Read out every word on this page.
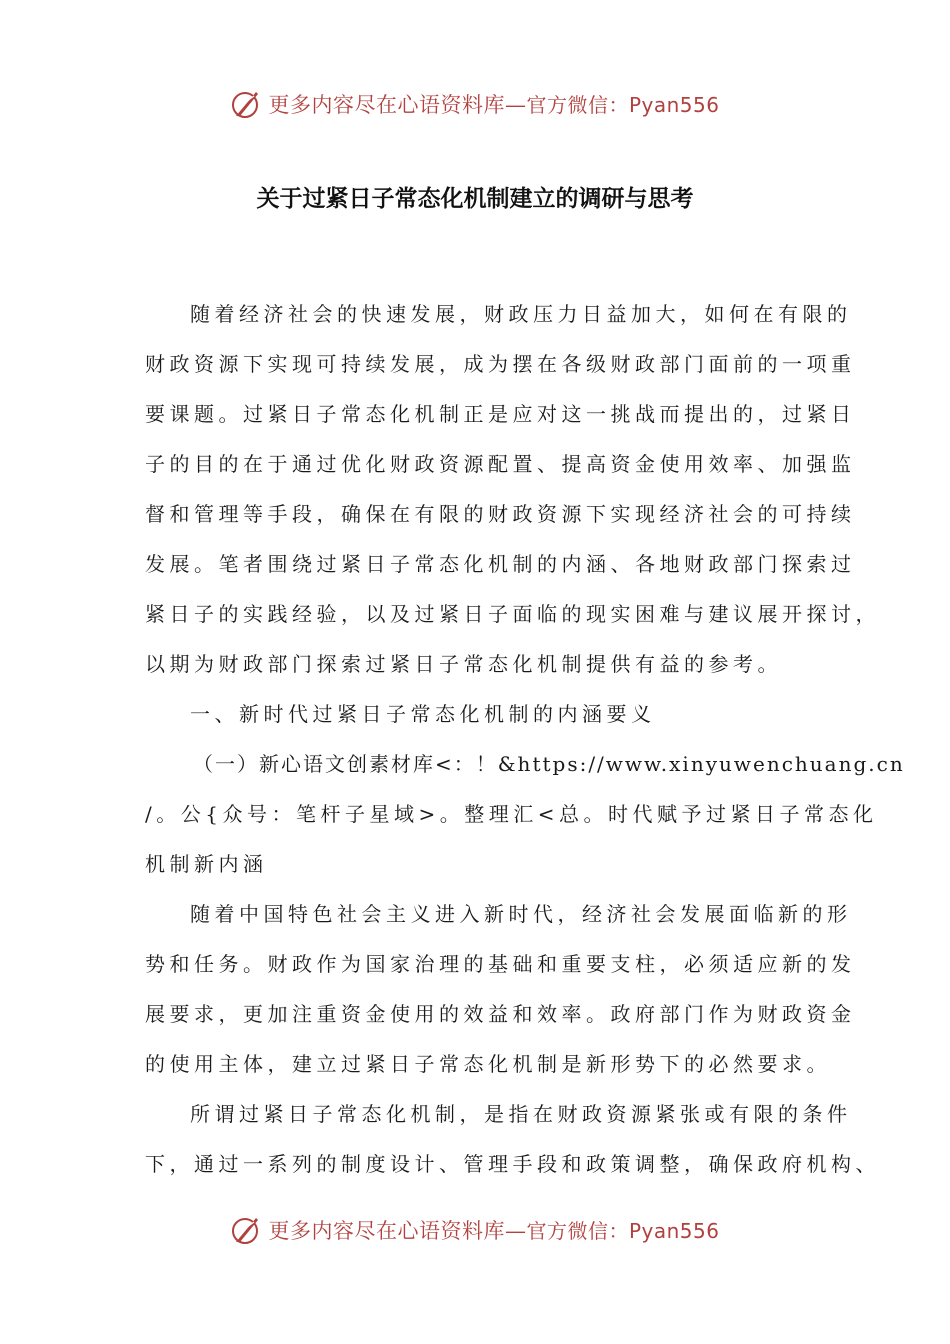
更多内容尽在心语资料库—官方微信：Pyan556
关于过紧日子常态化机制建立的调研与思考
随着经济社会的快速发展，财政压力日益加大，如何在有限的
财政资源下实现可持续发展，成为摆在各级财政部门面前的一项重
要课题。过紧日子常态化机制正是应对这一挑战而提出的，过紧日
子的目的在于通过优化财政资源配置、提高资金使用效率、加强监
督和管理等手段，确保在有限的财政资源下实现经济社会的可持续
发展。笔者围绕过紧日子常态化机制的内涵、各地财政部门探索过
紧日子的实践经验，以及过紧日子面临的现实困难与建议展开探讨，
以期为财政部门探索过紧日子常态化机制提供有益的参考。
一、新时代过紧日子常态化机制的内涵要义
（一）新心语文创素材库<：！&https://www.xinyuwenchuang.cn
/。公{众号：笔杆子星域>。整理汇<总。时代赋予过紧日子常态化
机制新内涵
随着中国特色社会主义进入新时代，经济社会发展面临新的形
势和任务。财政作为国家治理的基础和重要支柱，必须适应新的发
展要求，更加注重资金使用的效益和效率。政府部门作为财政资金
的使用主体，建立过紧日子常态化机制是新形势下的必然要求。
所谓过紧日子常态化机制，是指在财政资源紧张或有限的条件
下，通过一系列的制度设计、管理手段和政策调整，确保政府机构、
更多内容尽在心语资料库—官方微信：Pyan556
